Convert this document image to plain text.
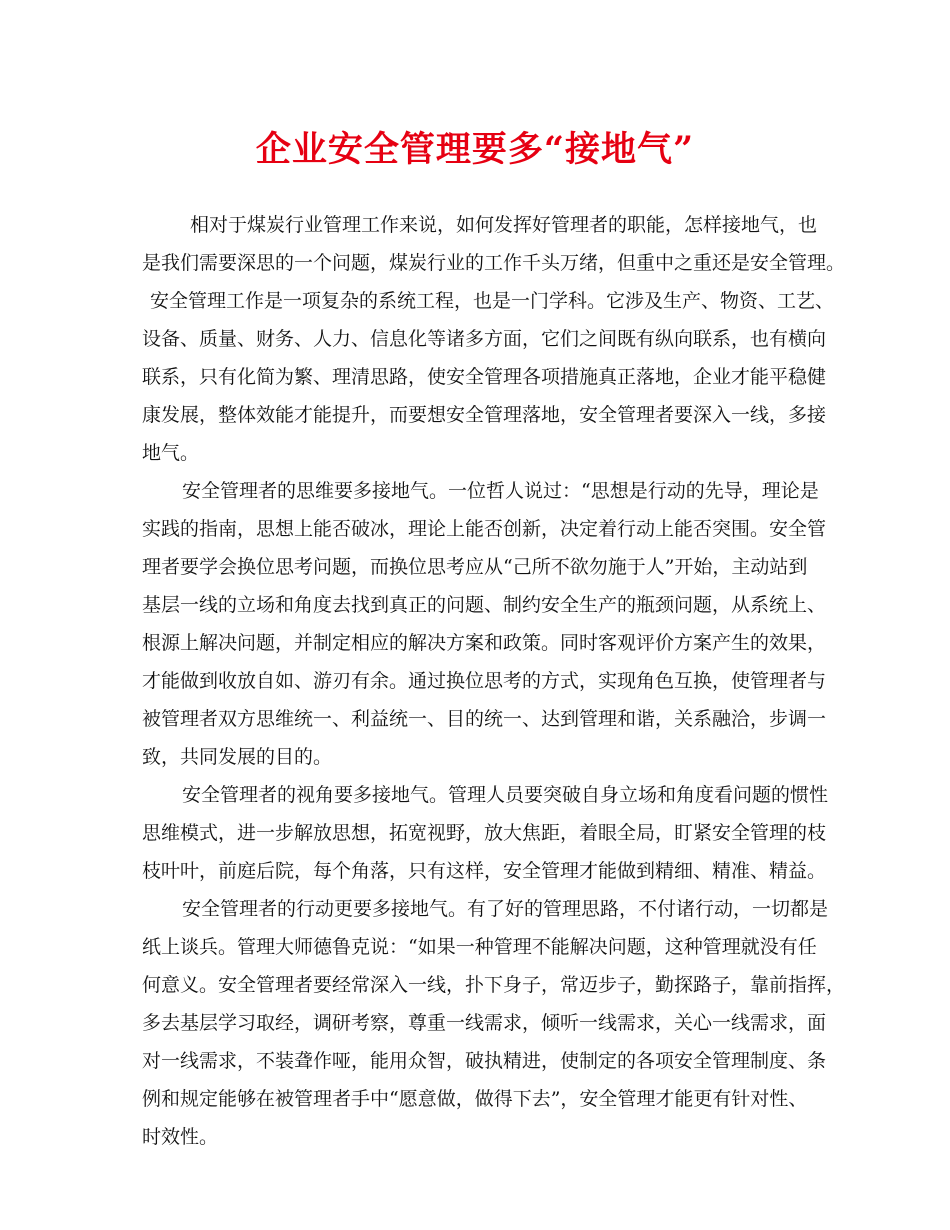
企业安全管理要多“接地气”
相对于煤炭行业管理工作来说，如何发挥好管理者的职能，怎样接地气，也
是我们需要深思的一个问题，煤炭行业的工作千头万绪，但重中之重还是安全管理。
安全管理工作是一项复杂的系统工程，也是一门学科。它涉及生产、物资、工艺、
设备、质量、财务、人力、信息化等诸多方面，它们之间既有纵向联系，也有横向
联系，只有化简为繁、理清思路，使安全管理各项措施真正落地，企业才能平稳健
康发展，整体效能才能提升，而要想安全管理落地，安全管理者要深入一线，多接
地气。
安全管理者的思维要多接地气。一位哲人说过：“思想是行动的先导，理论是
实践的指南，思想上能否破冰，理论上能否创新，决定着行动上能否突围。安全管
理者要学会换位思考问题，而换位思考应从“己所不欲勿施于人”开始，主动站到
基层一线的立场和角度去找到真正的问题、制约安全生产的瓶颈问题，从系统上、
根源上解决问题，并制定相应的解决方案和政策。同时客观评价方案产生的效果，
才能做到收放自如、游刃有余。通过换位思考的方式，实现角色互换，使管理者与
被管理者双方思维统一、利益统一、目的统一、达到管理和谐，关系融洽，步调一
致，共同发展的目的。
安全管理者的视角要多接地气。管理人员要突破自身立场和角度看问题的惯性
思维模式，进一步解放思想，拓宽视野，放大焦距，着眼全局，盯紧安全管理的枝
枝叶叶，前庭后院，每个角落，只有这样，安全管理才能做到精细、精准、精益。
安全管理者的行动更要多接地气。有了好的管理思路，不付诸行动，一切都是
纸上谈兵。管理大师德鲁克说：“如果一种管理不能解决问题，这种管理就没有任
何意义。安全管理者要经常深入一线，扑下身子，常迈步子，勤探路子，靠前指挥，
多去基层学习取经，调研考察，尊重一线需求，倾听一线需求，关心一线需求，面
对一线需求，不装聋作哑，能用众智，破执精进，使制定的各项安全管理制度、条
例和规定能够在被管理者手中“愿意做，做得下去”，安全管理才能更有针对性、
时效性。
